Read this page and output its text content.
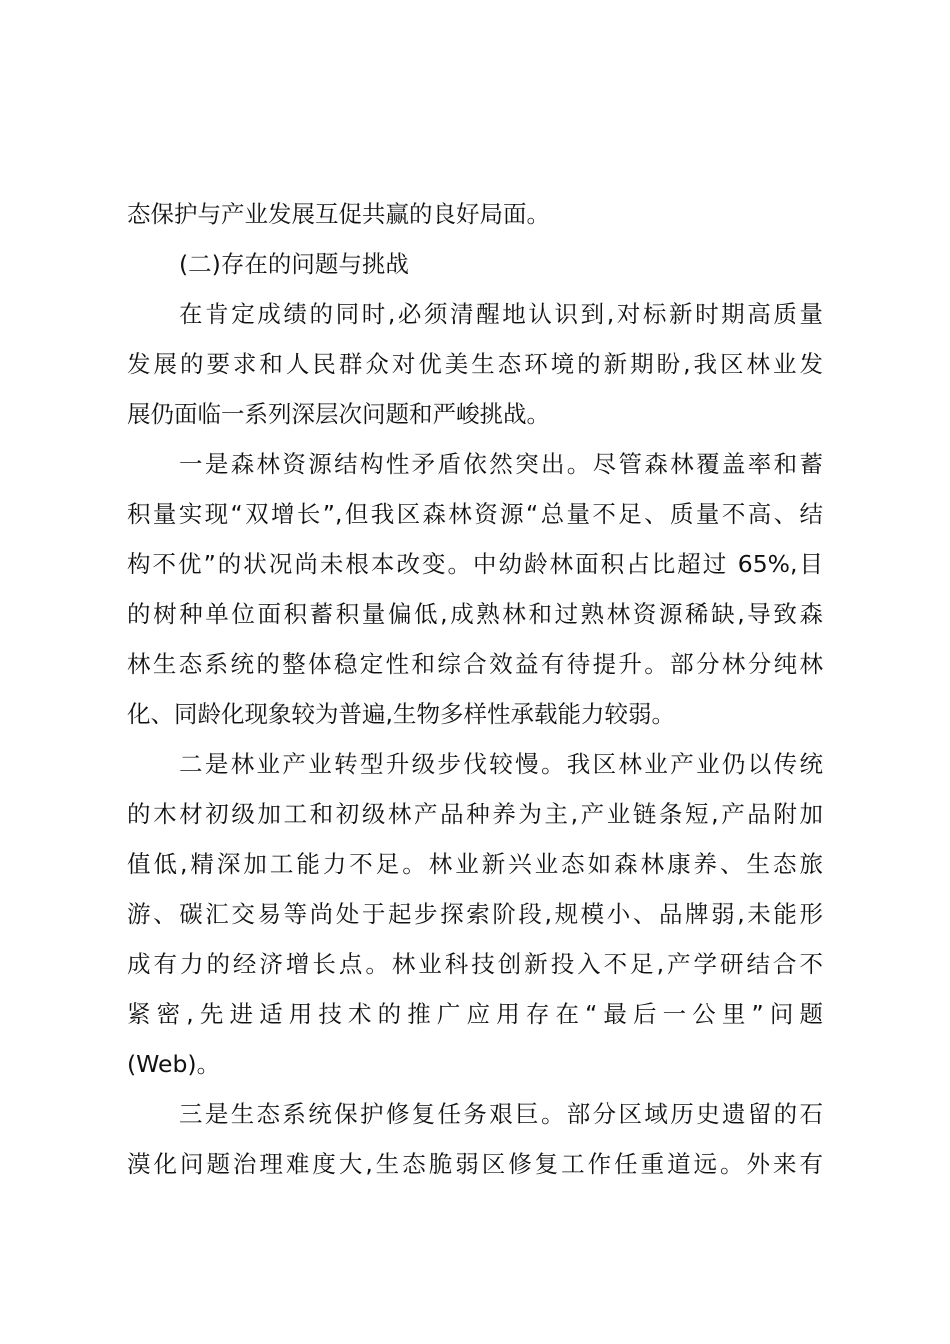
态保护与产业发展互促共赢的良好局面。
(二)存在的问题与挑战
在肯定成绩的同时,必须清醒地认识到,对标新时期高质量
发展的要求和人民群众对优美生态环境的新期盼,我区林业发
展仍面临一系列深层次问题和严峻挑战。
一是森林资源结构性矛盾依然突出。尽管森林覆盖率和蓄
积量实现“双增长”,但我区森林资源“总量不足、质量不高、结
构不优”的状况尚未根本改变。中幼龄林面积占比超过 65%,目
的树种单位面积蓄积量偏低,成熟林和过熟林资源稀缺,导致森
林生态系统的整体稳定性和综合效益有待提升。部分林分纯林
化、同龄化现象较为普遍,生物多样性承载能力较弱。
二是林业产业转型升级步伐较慢。我区林业产业仍以传统
的木材初级加工和初级林产品种养为主,产业链条短,产品附加
值低,精深加工能力不足。林业新兴业态如森林康养、生态旅
游、碳汇交易等尚处于起步探索阶段,规模小、品牌弱,未能形
成有力的经济增长点。林业科技创新投入不足,产学研结合不
紧密,先进适用技术的推广应用存在“最后一公里”问题
(Web)。
三是生态系统保护修复任务艰巨。部分区域历史遗留的石
漠化问题治理难度大,生态脆弱区修复工作任重道远。外来有
